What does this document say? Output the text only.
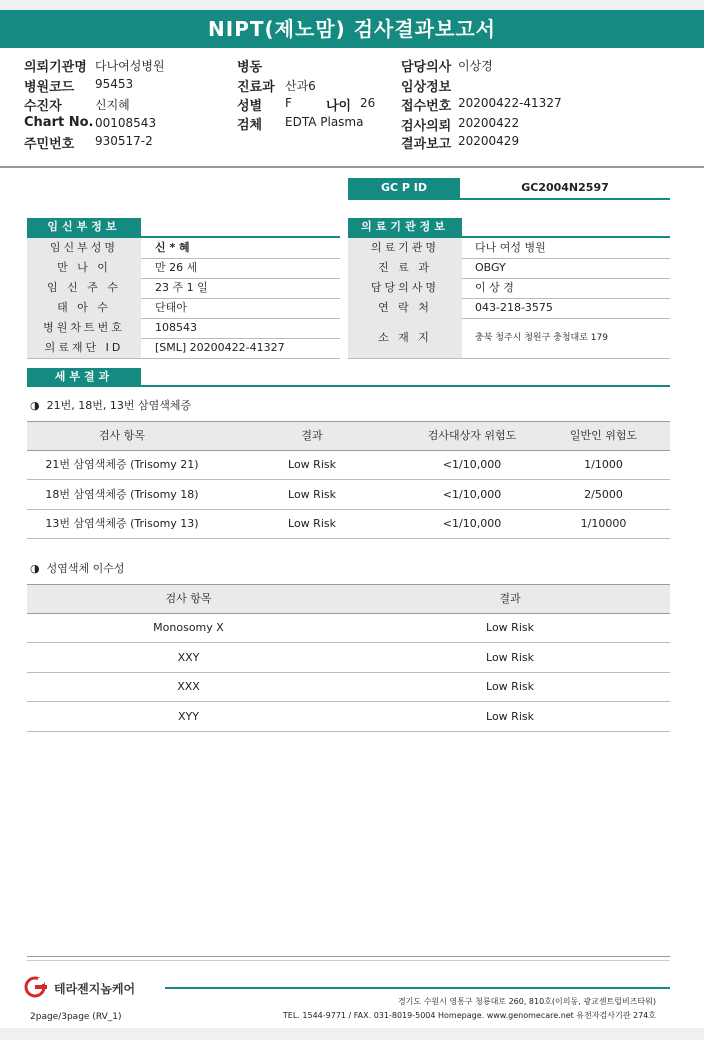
NIPT(제노맘) 검사결과보고서
의뢰기관명 다나여성병원
병원코드 95453
수진자	신지혜
Chart No. 00108543
주민번호 930517-2
병동
진료과 산과6
성별 F	나이 26
검체 EDTA Plasma
담당의사 이상경
임상정보
접수번호 20200422-41327
검사의뢰 20200422
결과보고 20200429
GC P ID	GC2004N2597
임신부정보
임신부성명	신 * 혜
만 나 이	만 26 세
임 신 주 수	23 주 1 일
태 아 수	단태아
병원차트번호	108543
의료재단 ID	[SML] 20200422-41327
의료기관정보
의료기관명	다나 여성 병원
진 료 과	OBGY
담당의사명	이 상 경
연 락 처	043-218-3575
소 재 지	충북 청주시 청원구 충청대로 179
세부결과
◑ 21번, 18번, 13번 삼염색체증
검사 항목	결과	검사대상자 위험도	일반인 위험도
21번 삼염색체증 (Trisomy 21)	Low Risk	<1/10,000	1/1000
18번 삼염색체증 (Trisomy 18)	Low Risk	<1/10,000	2/5000
13번 삼염색체증 (Trisomy 13)	Low Risk	<1/10,000	1/10000
◑ 성염색체 이수성
검사 항목	결과
Monosomy X	Low Risk
XXY	Low Risk
XXX	Low Risk
XYY	Low Risk
테라젠지놈케어
경기도 수원시 영통구 청룡대로 260, 810호(이의동, 광교센트럴비즈타워)
TEL. 1544-9771 / FAX. 031-8019-5004 Homepage. www.genomecare.net 유전자검사기관 274호
2page/3page (RV_1)
